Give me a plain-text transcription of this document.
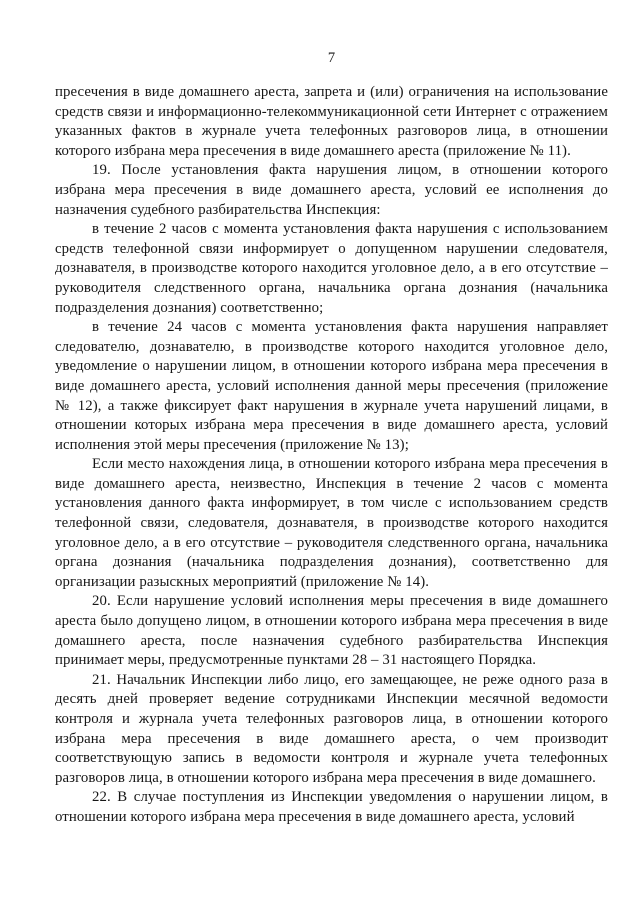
7

пресечения в виде домашнего ареста, запрета и (или) ограничения на использование средств связи и информационно-телекоммуникационной сети Интернет с отражением указанных фактов в журнале учета телефонных разговоров лица, в отношении которого избрана мера пресечения в виде домашнего ареста (приложение № 11).

19. После установления факта нарушения лицом, в отношении которого избрана мера пресечения в виде домашнего ареста, условий ее исполнения до назначения судебного разбирательства Инспекция:

в течение 2 часов с момента установления факта нарушения с использованием средств телефонной связи информирует о допущенном нарушении следователя, дознавателя, в производстве которого находится уголовное дело, а в его отсутствие – руководителя следственного органа, начальника органа дознания (начальника подразделения дознания) соответственно;

в течение 24 часов с момента установления факта нарушения направляет следователю, дознавателю, в производстве которого находится уголовное дело, уведомление о нарушении лицом, в отношении которого избрана мера пресечения в виде домашнего ареста, условий исполнения данной меры пресечения (приложение № 12), а также фиксирует факт нарушения в журнале учета нарушений лицами, в отношении которых избрана мера пресечения в виде домашнего ареста, условий исполнения этой меры пресечения (приложение № 13);

Если место нахождения лица, в отношении которого избрана мера пресечения в виде домашнего ареста, неизвестно, Инспекция в течение 2 часов с момента установления данного факта информирует, в том числе с использованием средств телефонной связи, следователя, дознавателя, в производстве которого находится уголовное дело, а в его отсутствие – руководителя следственного органа, начальника органа дознания (начальника подразделения дознания), соответственно для организации разыскных мероприятий (приложение № 14).

20. Если нарушение условий исполнения меры пресечения в виде домашнего ареста было допущено лицом, в отношении которого избрана мера пресечения в виде домашнего ареста, после назначения судебного разбирательства Инспекция принимает меры, предусмотренные пунктами 28 – 31 настоящего Порядка.

21. Начальник Инспекции либо лицо, его замещающее, не реже одного раза в десять дней проверяет ведение сотрудниками Инспекции месячной ведомости контроля и журнала учета телефонных разговоров лица, в отношении которого избрана мера пресечения в виде домашнего ареста, о чем производит соответствующую запись в ведомости контроля и журнале учета телефонных разговоров лица, в отношении которого избрана мера пресечения в виде домашнего.

22. В случае поступления из Инспекции уведомления о нарушении лицом, в отношении которого избрана мера пресечения в виде домашнего ареста, условий
